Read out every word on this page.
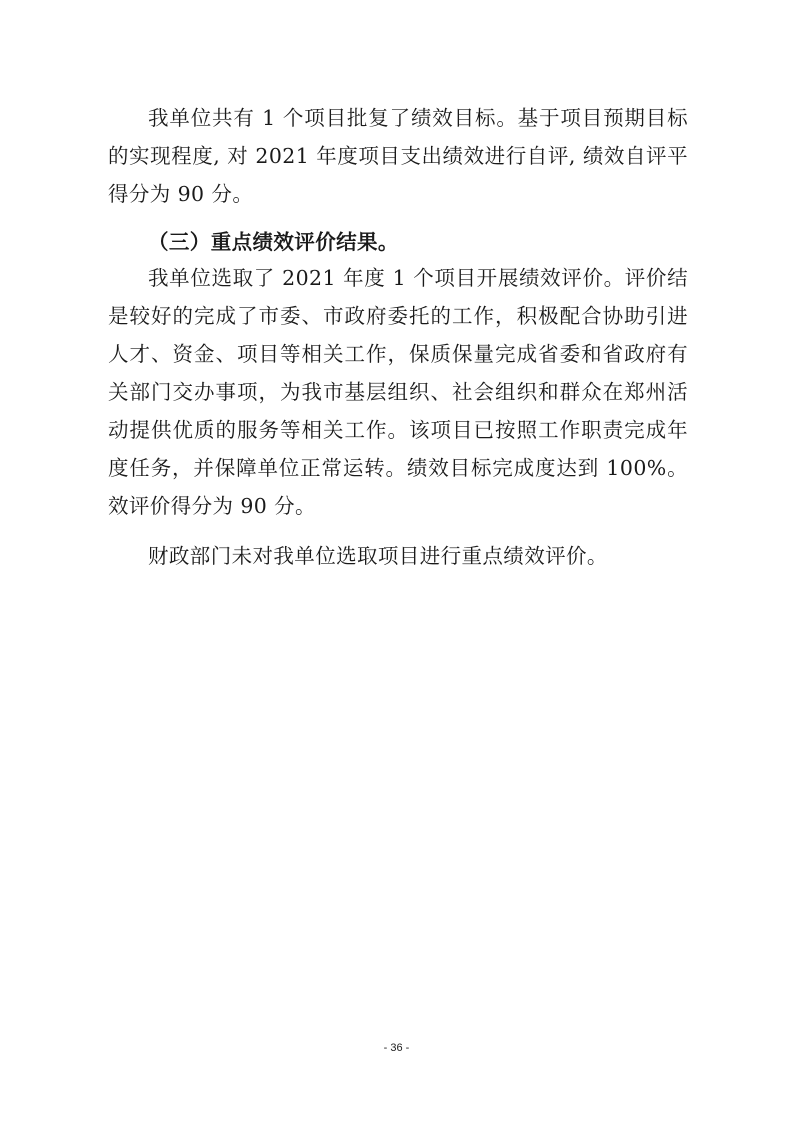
我单位共有 1 个项目批复了绩效目标。基于项目预期目标
的实现程度, 对 2021 年度项目支出绩效进行自评, 绩效自评平
得分为 90 分。
（三）重点绩效评价结果。
我单位选取了 2021 年度 1 个项目开展绩效评价。评价结
是较好的完成了市委、市政府委托的工作，积极配合协助引进
人才、资金、项目等相关工作，保质保量完成省委和省政府有
关部门交办事项，为我市基层组织、社会组织和群众在郑州活
动提供优质的服务等相关工作。该项目已按照工作职责完成年
度任务，并保障单位正常运转。绩效目标完成度达到 100%。
效评价得分为 90 分。
财政部门未对我单位选取项目进行重点绩效评价。
- 36 -
